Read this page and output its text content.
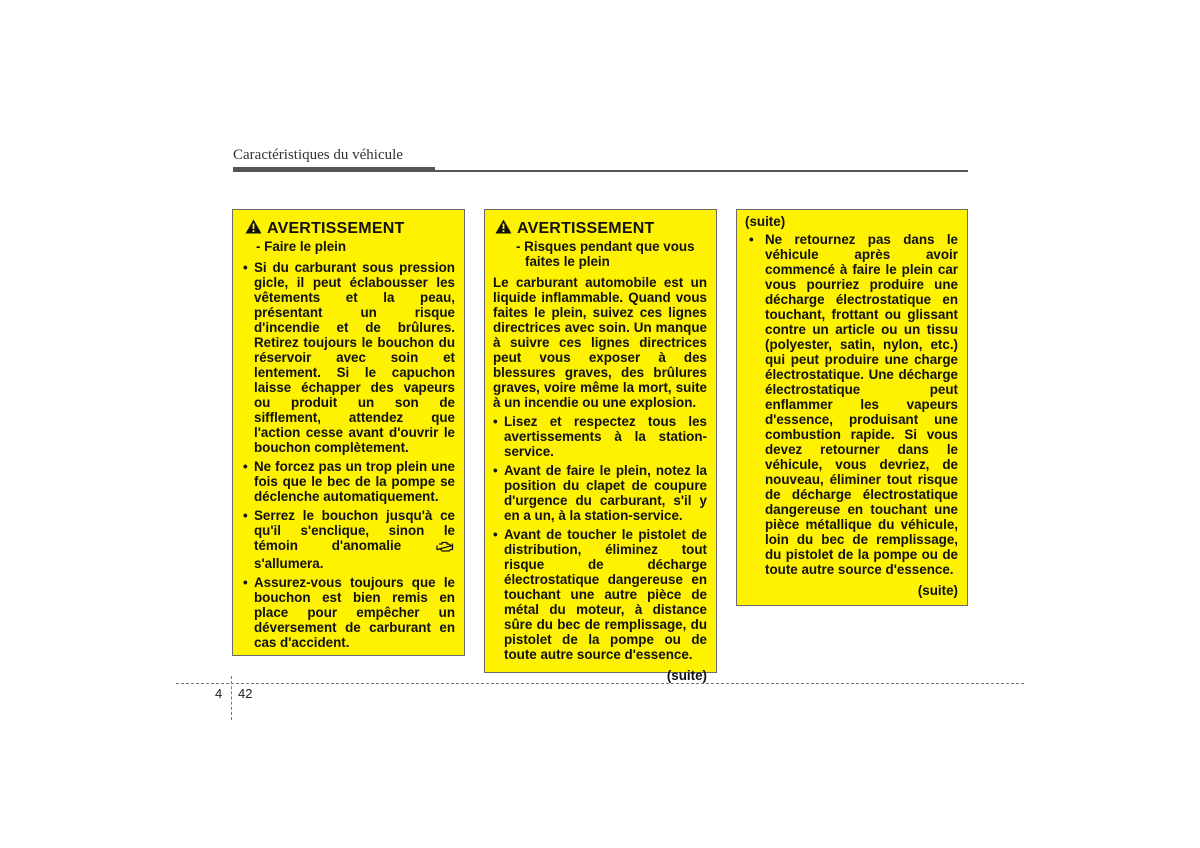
Caractéristiques du véhicule
AVERTISSEMENT
- Faire le plein
• Si du carburant sous pression gicle, il peut éclabousser les vêtements et la peau, présentant un risque d'incendie et de brûlures. Retirez toujours le bouchon du réservoir avec soin et lentement. Si le capuchon laisse échapper des vapeurs ou produit un son de sifflement, attendez que l'action cesse avant d'ouvrir le bouchon complètement.
• Ne forcez pas un trop plein une fois que le bec de la pompe se déclenche automatiquement.
• Serrez le bouchon jusqu'à ce qu'il s'enclique, sinon le témoin d'anomalie  s'allumera.
• Assurez-vous toujours que le bouchon est bien remis en place pour empêcher un déversement de carburant en cas d'accident.
AVERTISSEMENT
- Risques pendant que vous faites le plein
Le carburant automobile est un liquide inflammable. Quand vous faites le plein, suivez ces lignes directrices avec soin. Un manque à suivre ces lignes directrices peut vous exposer à des blessures graves, des brûlures graves, voire même la mort, suite à un incendie ou une explosion.
• Lisez et respectez tous les avertissements à la station-service.
• Avant de faire le plein, notez la position du clapet de coupure d'urgence du carburant, s'il y en a un, à la station-service.
• Avant de toucher le pistolet de distribution, éliminez tout risque de décharge électrostatique dangereuse en touchant une autre pièce de métal du moteur, à distance sûre du bec de remplissage, du pistolet de la pompe ou de toute autre source d'essence.
(suite)
(suite)
• Ne retournez pas dans le véhicule après avoir commencé à faire le plein car vous pourriez produire une décharge électrostatique en touchant, frottant ou glissant contre un article ou un tissu (polyester, satin, nylon, etc.) qui peut produire une charge électrostatique. Une décharge électrostatique peut enflammer les vapeurs d'essence, produisant une combustion rapide. Si vous devez retourner dans le véhicule, vous devriez, de nouveau, éliminer tout risque de décharge électrostatique dangereuse en touchant une pièce métallique du véhicule, loin du bec de remplissage, du pistolet de la pompe ou de toute autre source d'essence.
(suite)
4 42
